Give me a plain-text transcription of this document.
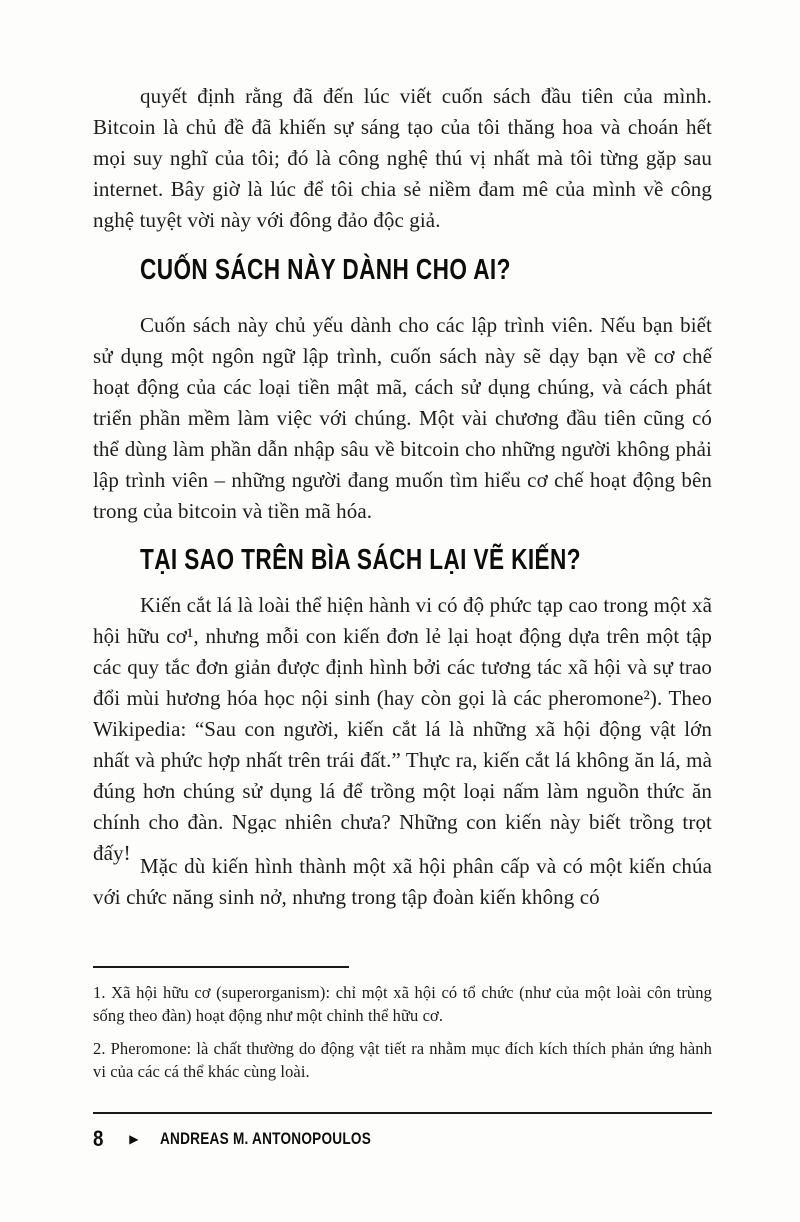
quyết định rằng đã đến lúc viết cuốn sách đầu tiên của mình. Bitcoin là chủ đề đã khiến sự sáng tạo của tôi thăng hoa và choán hết mọi suy nghĩ của tôi; đó là công nghệ thú vị nhất mà tôi từng gặp sau internet. Bây giờ là lúc để tôi chia sẻ niềm đam mê của mình về công nghệ tuyệt vời này với đông đảo độc giả.

CUỐN SÁCH NÀY DÀNH CHO AI?

Cuốn sách này chủ yếu dành cho các lập trình viên. Nếu bạn biết sử dụng một ngôn ngữ lập trình, cuốn sách này sẽ dạy bạn về cơ chế hoạt động của các loại tiền mật mã, cách sử dụng chúng, và cách phát triển phần mềm làm việc với chúng. Một vài chương đầu tiên cũng có thể dùng làm phần dẫn nhập sâu về bitcoin cho những người không phải lập trình viên – những người đang muốn tìm hiểu cơ chế hoạt động bên trong của bitcoin và tiền mã hóa.

TẠI SAO TRÊN BÌA SÁCH LẠI VẼ KIẾN?

Kiến cắt lá là loài thể hiện hành vi có độ phức tạp cao trong một xã hội hữu cơ¹, nhưng mỗi con kiến đơn lẻ lại hoạt động dựa trên một tập các quy tắc đơn giản được định hình bởi các tương tác xã hội và sự trao đổi mùi hương hóa học nội sinh (hay còn gọi là các pheromone²). Theo Wikipedia: “Sau con người, kiến cắt lá là những xã hội động vật lớn nhất và phức hợp nhất trên trái đất.” Thực ra, kiến cắt lá không ăn lá, mà đúng hơn chúng sử dụng lá để trồng một loại nấm làm nguồn thức ăn chính cho đàn. Ngạc nhiên chưa? Những con kiến này biết trồng trọt đấy!

Mặc dù kiến hình thành một xã hội phân cấp và có một kiến chúa với chức năng sinh nở, nhưng trong tập đoàn kiến không có

1. Xã hội hữu cơ (superorganism): chỉ một xã hội có tổ chức (như của một loài côn trùng sống theo đàn) hoạt động như một chỉnh thể hữu cơ.

2. Pheromone: là chất thường do động vật tiết ra nhằm mục đích kích thích phản ứng hành vi của các cá thể khác cùng loài.

8 ▶ ANDREAS M. ANTONOPOULOS
